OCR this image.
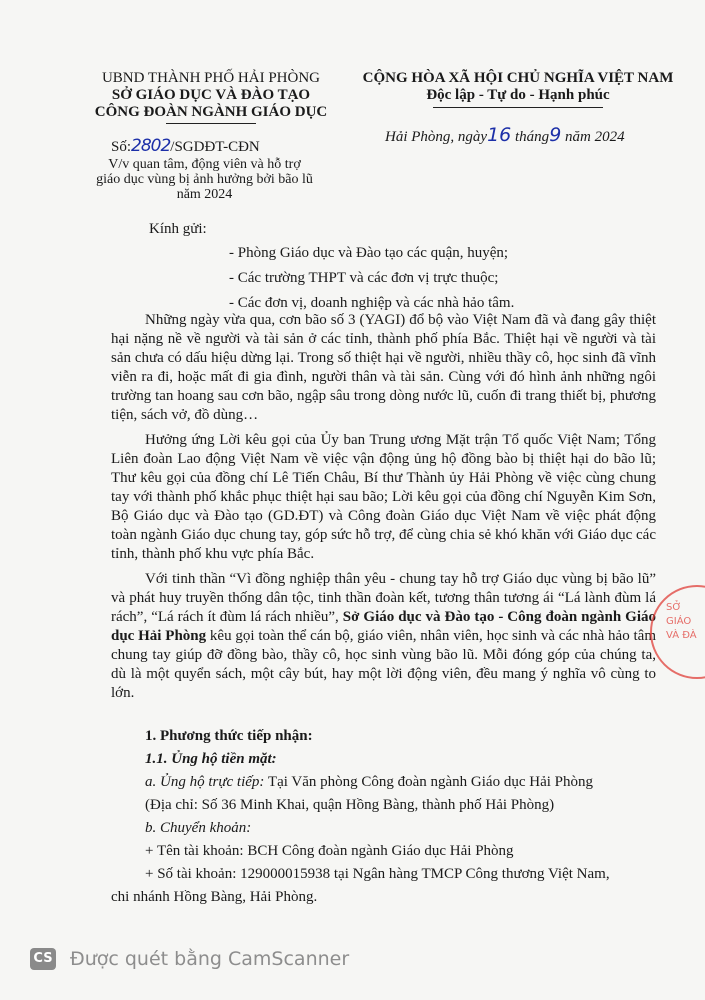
UBND THÀNH PHỐ HẢI PHÒNG
SỞ GIÁO DỤC VÀ ĐÀO TẠO
CÔNG ĐOÀN NGÀNH GIÁO DỤC
CỘNG HÒA XÃ HỘI CHỦ NGHĨA VIỆT NAM
Độc lập - Tự do - Hạnh phúc
Số:2802/SGDĐT-CĐN
Hải Phòng, ngày16 tháng9 năm 2024
V/v quan tâm, động viên và hỗ trợ
giáo dục vùng bị ảnh hưởng bởi bão lũ
năm 2024
Kính gửi:
- Phòng Giáo dục và Đào tạo các quận, huyện;
- Các trường THPT và các đơn vị trực thuộc;
- Các đơn vị, doanh nghiệp và các nhà hảo tâm.

Những ngày vừa qua, cơn bão số 3 (YAGI) đổ bộ vào Việt Nam đã và đang gây thiệt hại nặng nề về người và tài sản ở các tỉnh, thành phố phía Bắc. Thiệt hại về người và tài sản chưa có dấu hiệu dừng lại. Trong số thiệt hại về người, nhiều thầy cô, học sinh đã vĩnh viễn ra đi, hoặc mất đi gia đình, người thân và tài sản. Cùng với đó hình ảnh những ngôi trường tan hoang sau cơn bão, ngập sâu trong dòng nước lũ, cuốn đi trang thiết bị, phương tiện, sách vở, đồ dùng…

Hưởng ứng Lời kêu gọi của Ủy ban Trung ương Mặt trận Tổ quốc Việt Nam; Tổng Liên đoàn Lao động Việt Nam về việc vận động ủng hộ đồng bào bị thiệt hại do bão lũ; Thư kêu gọi của đồng chí Lê Tiến Châu, Bí thư Thành ủy Hải Phòng về việc cùng chung tay với thành phố khắc phục thiệt hại sau bão; Lời kêu gọi của đồng chí Nguyễn Kim Sơn, Bộ Giáo dục và Đào tạo (GD.ĐT) và Công đoàn Giáo dục Việt Nam về việc phát động toàn ngành Giáo dục chung tay, góp sức hỗ trợ, để cùng chia sẻ khó khăn với Giáo dục các tỉnh, thành phố khu vực phía Bắc.

Với tinh thần “Vì đồng nghiệp thân yêu - chung tay hỗ trợ Giáo dục vùng bị bão lũ” và phát huy truyền thống dân tộc, tinh thần đoàn kết, tương thân tương ái “Lá lành đùm lá rách”, “Lá rách ít đùm lá rách nhiều”, Sở Giáo dục và Đào tạo - Công đoàn ngành Giáo dục Hải Phòng kêu gọi toàn thể cán bộ, giáo viên, nhân viên, học sinh và các nhà hảo tâm chung tay giúp đỡ đồng bào, thầy cô, học sinh vùng bão lũ. Mỗi đóng góp của chúng ta, dù là một quyển sách, một cây bút, hay một lời động viên, đều mang ý nghĩa vô cùng to lớn.

1. Phương thức tiếp nhận:
1.1. Ủng hộ tiền mặt:
a. Ủng hộ trực tiếp: Tại Văn phòng Công đoàn ngành Giáo dục Hải Phòng
(Địa chỉ: Số 36 Minh Khai, quận Hồng Bàng, thành phố Hải Phòng)
b. Chuyển khoản:
+ Tên tài khoản: BCH Công đoàn ngành Giáo dục Hải Phòng
+ Số tài khoản: 129000015938 tại Ngân hàng TMCP Công thương Việt Nam,
chi nhánh Hồng Bàng, Hải Phòng.
SỞ
GIÁO
VÀ ĐÀ
CS Được quét bằng CamScanner
